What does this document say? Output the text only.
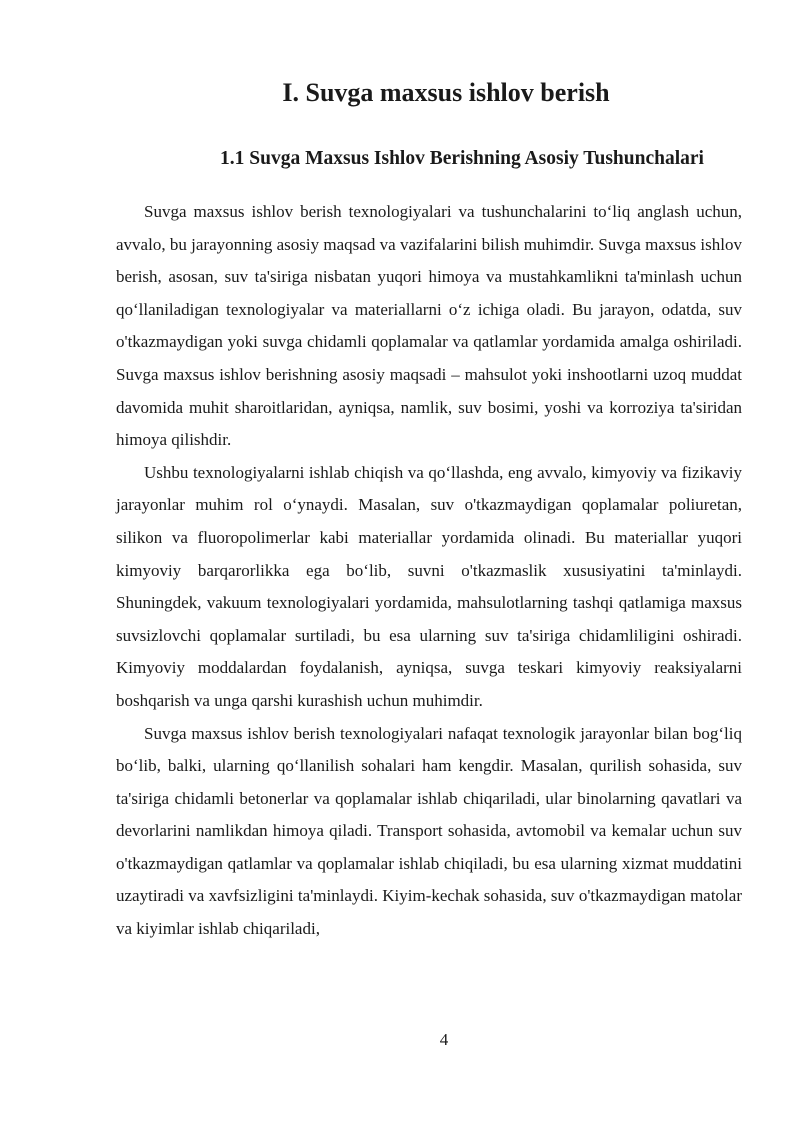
I. Suvga maxsus ishlov berish
1.1 Suvga Maxsus Ishlov Berishning Asosiy Tushunchalari

Suvga maxsus ishlov berish texnologiyalari va tushunchalarini to‘liq anglash uchun, avvalo, bu jarayonning asosiy maqsad va vazifalarini bilish muhimdir. Suvga maxsus ishlov berish, asosan, suv ta'siriga nisbatan yuqori himoya va mustahkamlikni ta'minlash uchun qo‘llaniladigan texnologiyalar va materiallarni o‘z ichiga oladi. Bu jarayon, odatda, suv o'tkazmaydigan yoki suvga chidamli qoplamalar va qatlamlar yordamida amalga oshiriladi. Suvga maxsus ishlov berishning asosiy maqsadi – mahsulot yoki inshootlarni uzoq muddat davomida muhit sharoitlaridan, ayniqsa, namlik, suv bosimi, yoshi va korroziya ta'siridan himoya qilishdir.

Ushbu texnologiyalarni ishlab chiqish va qo‘llashda, eng avvalo, kimyoviy va fizikaviy jarayonlar muhim rol o‘ynaydi. Masalan, suv o'tkazmaydigan qoplamalar poliuretan, silikon va fluoropolimerlar kabi materiallar yordamida olinadi. Bu materiallar yuqori kimyoviy barqarorlikka ega bo‘lib, suvni o'tkazmaslik xususiyatini ta'minlaydi. Shuningdek, vakuum texnologiyalari yordamida, mahsulotlarning tashqi qatlamiga maxsus suvsizlovchi qoplamalar surtiladi, bu esa ularning suv ta'siriga chidamliligini oshiradi. Kimyoviy moddalardan foydalanish, ayniqsa, suvga teskari kimyoviy reaksiyalarni boshqarish va unga qarshi kurashish uchun muhimdir.

Suvga maxsus ishlov berish texnologiyalari nafaqat texnologik jarayonlar bilan bog‘liq bo‘lib, balki, ularning qo‘llanilish sohalari ham kengdir. Masalan, qurilish sohasida, suv ta'siriga chidamli betonerlar va qoplamalar ishlab chiqariladi, ular binolarning qavatlari va devorlarini namlikdan himoya qiladi. Transport sohasida, avtomobil va kemalar uchun suv o'tkazmaydigan qatlamlar va qoplamalar ishlab chiqiladi, bu esa ularning xizmat muddatini uzaytiradi va xavfsizligini ta'minlaydi. Kiyim-kechak sohasida, suv o'tkazmaydigan matolar va kiyimlar ishlab chiqariladi,

4
